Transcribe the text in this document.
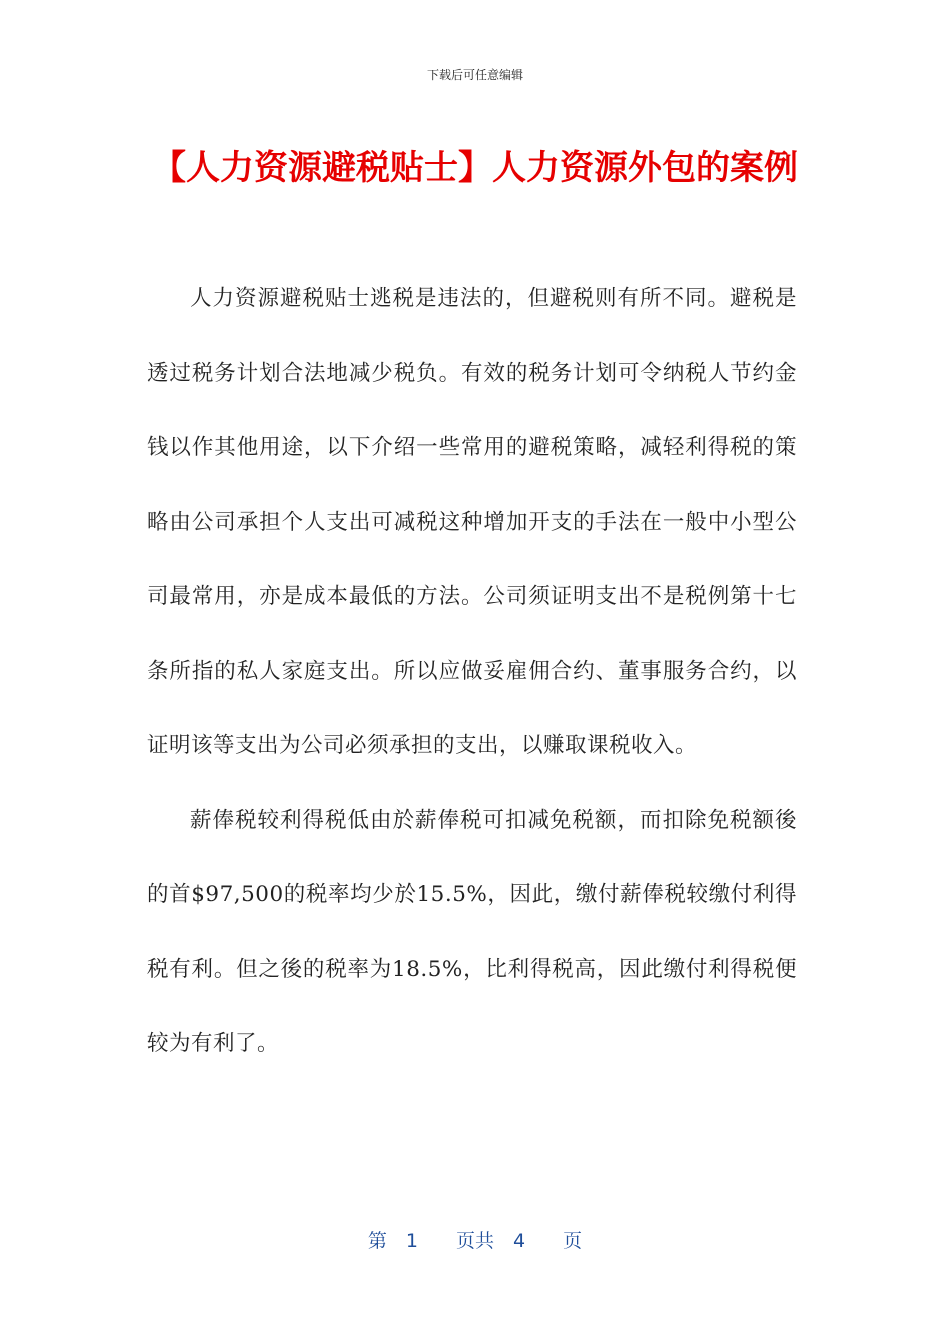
下载后可任意编辑
【人力资源避税贴士】人力资源外包的案例

人力资源避税贴士逃税是违法的，但避税则有所不同。避税是透过税务计划合法地减少税负。有效的税务计划可令纳税人节约金钱以作其他用途，以下介绍一些常用的避税策略，减轻利得税的策略由公司承担个人支出可减税这种增加开支的手法在一般中小型公司最常用，亦是成本最低的方法。公司须证明支出不是税例第十七条所指的私人家庭支出。所以应做妥雇佣合约、董事服务合约，以证明该等支出为公司必须承担的支出，以赚取课税收入。

薪俸税较利得税低由於薪俸税可扣减免税额，而扣除免税额後的首$97,500的税率均少於15.5%，因此，缴付薪俸税较缴付利得税有利。但之後的税率为18.5%，比利得税高，因此缴付利得税便较为有利了。

第　1　　页共　4　　页
